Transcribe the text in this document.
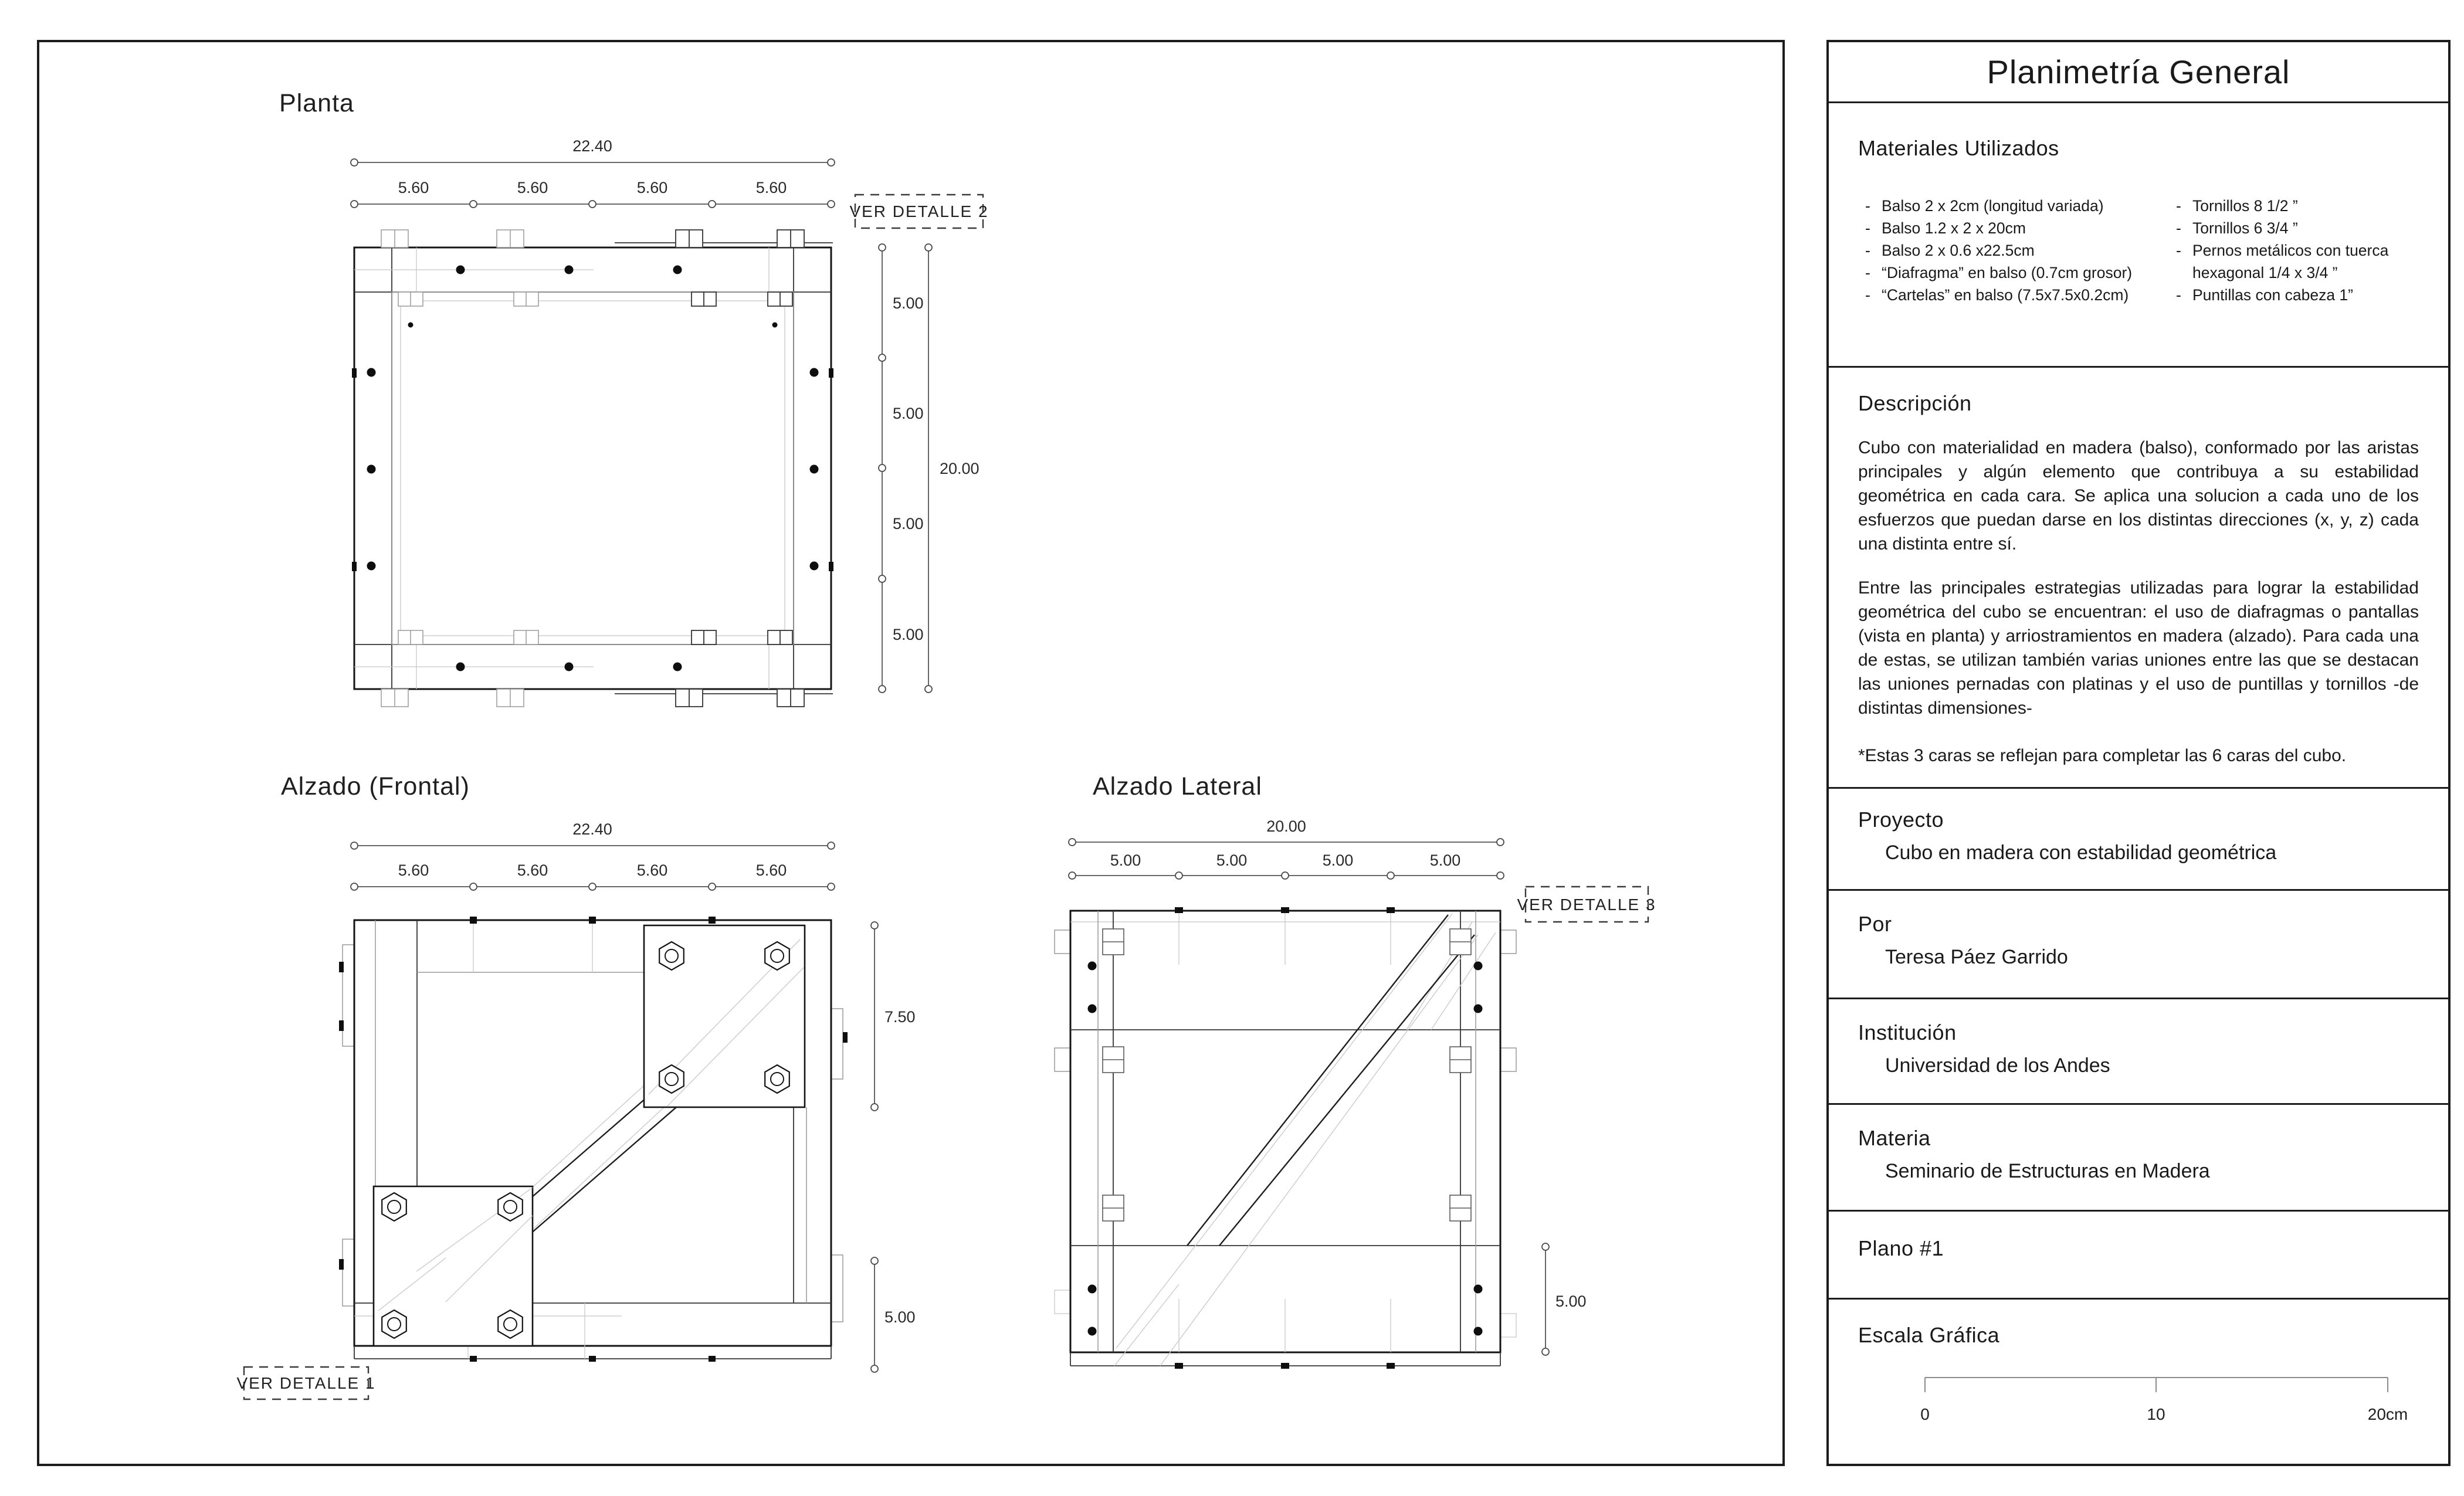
Planta
22.40
5.60	5.60	5.60	5.60
VER DETALLE 2
5.00
5.00
5.00
5.00
20.00
Alzado (Frontal)
22.40
5.60	5.60	5.60	5.60
7.50
5.00
VER DETALLE 1
Alzado Lateral
20.00
5.00	5.00	5.00	5.00
VER DETALLE 3
5.00
Planimetría General
Materiales Utilizados
- Balso 2 x 2cm (longitud variada)
- Balso 1.2 x 2 x 20cm
- Balso 2 x 0.6 x22.5cm
- “Diafragma” en balso (0.7cm grosor)
- “Cartelas” en balso (7.5x7.5x0.2cm)
- Tornillos 8 1/2 ”
- Tornillos 6 3/4 ”
- Pernos metálicos con tuerca
hexagonal 1/4 x 3/4 ”
- Puntillas con cabeza 1”
Descripción

Cubo con materialidad en madera (balso), conformado por las aristas principales y algún elemento que contribuya a su estabilidad geométrica en cada cara. Se aplica una solucion a cada uno de los esfuerzos que puedan darse en los distintas direcciones (x, y, z) cada una distinta entre sí.

Entre las principales estrategias utilizadas para lograr la estabilidad geométrica del cubo se encuentran: el uso de diafragmas o pantallas (vista en planta) y arriostramientos en madera (alzado). Para cada una de estas, se utilizan también varias uniones entre las que se destacan las uniones pernadas con platinas y el uso de puntillas y tornillos -de distintas dimensiones-

*Estas 3 caras se reflejan para completar las 6 caras del cubo.

Proyecto
Cubo en madera con estabilidad geométrica
Por
Teresa Páez Garrido
Institución
Universidad de los Andes
Materia
Seminario de Estructuras en Madera
Plano #1
Escala Gráfica
0	10	20cm
